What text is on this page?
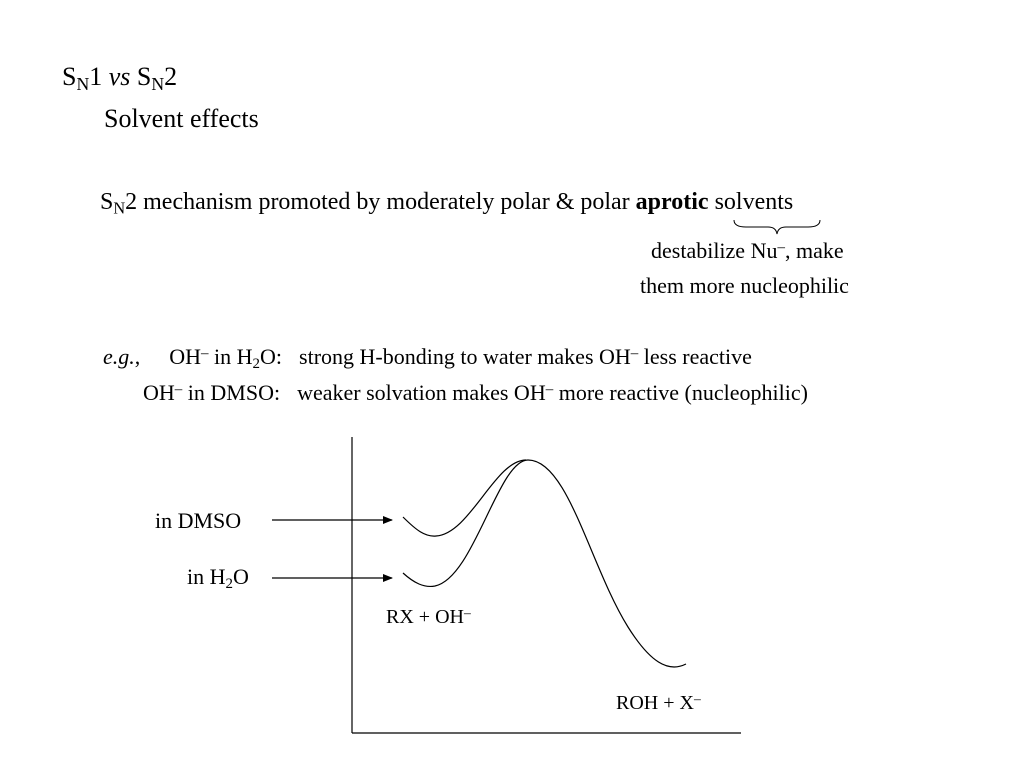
$S_N1$ vs $S_N2$
Solvent effects
$S_N2$ mechanism promoted by moderately polar & polar aprotic solvents
destabilize Nu–, make
them more nucleophilic
e.g., OH– in $H_2O$: strong H-bonding to water makes OH– less reactive
OH– in DMSO: weaker solvation makes OH– more reactive (nucleophilic)
in DMSO
in $H_2O$
RX + OH–
ROH + X–
